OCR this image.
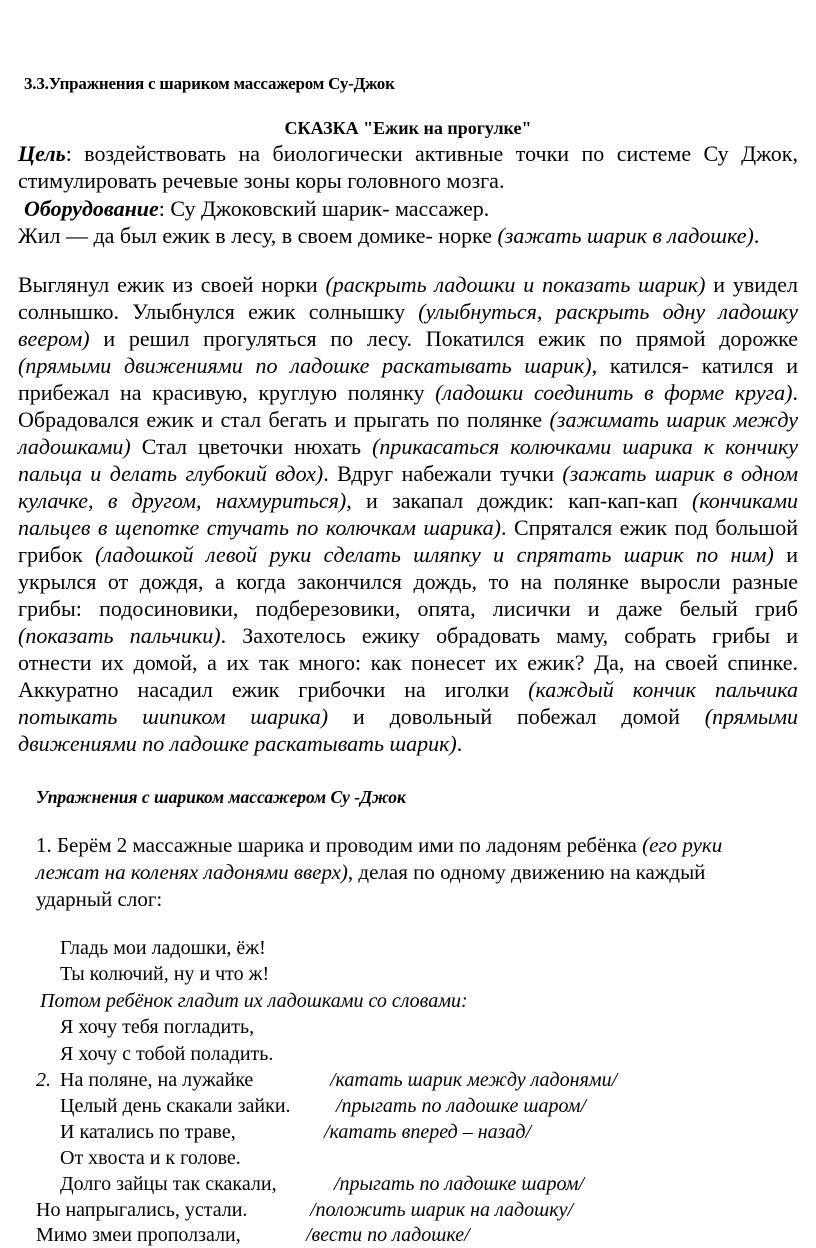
3.3.Упражнения с шариком массажером Су-Джок
СКАЗКА "Ежик на прогулке"
Цель: воздействовать на биологически активные точки по системе Су Джок,
стимулировать речевые зоны коры головного мозга.
Оборудование: Су Джоковский шарик- массажер.
Жил — да был ежик в лесу, в своем домике- норке (зажать шарик в ладошке).
Выглянул ежик из своей норки (раскрыть ладошки и показать шарик) и увидел
солнышко. Улыбнулся ежик солнышку (улыбнуться, раскрыть одну ладошку
веером) и решил прогуляться по лесу. Покатился ежик по прямой дорожке
(прямыми движениями по ладошке раскатывать шарик), катился- катился и
прибежал на красивую, круглую полянку (ладошки соединить в форме круга).
Обрадовался ежик и стал бегать и прыгать по полянке (зажимать шарик между
ладошками) Стал цветочки нюхать (прикасаться колючками шарика к кончику
пальца и делать глубокий вдох). Вдруг набежали тучки (зажать шарик в одном
кулачке, в другом, нахмуриться), и закапал дождик: кап-кап-кап (кончиками
пальцев в щепотке стучать по колючкам шарика). Спрятался ежик под большой
грибок (ладошкой левой руки сделать шляпку и спрятать шарик по ним) и
укрылся от дождя, а когда закончился дождь, то на полянке выросли разные
грибы: подосиновики, подберезовики, опята, лисички и даже белый гриб
(показать пальчики). Захотелось ежику обрадовать маму, собрать грибы и
отнести их домой, а их так много: как понесет их ежик? Да, на своей спинке.
Аккуратно насадил ежик грибочки на иголки (каждый кончик пальчика
потыкать шипиком шарика) и довольный побежал домой (прямыми
движениями по ладошке раскатывать шарик).
Упражнения с шариком массажером Су -Джок
1. Берём 2 массажные шарика и проводим ими по ладоням ребёнка (его руки
лежат на коленях ладонями вверх), делая по одному движению на каждый
ударный слог:
Гладь мои ладошки, ёж!
Ты колючий, ну и что ж!
Потом ребёнок гладит их ладошками со словами:
Я хочу тебя погладить,
Я хочу с тобой поладить.
2. На поляне, на лужайке	/катать шарик между ладонями/
Целый день скакали зайки. /прыгать по ладошке шаром/
И катались по траве,	/катать вперед – назад/
От хвоста и к голове.
Долго зайцы так скакали,	/прыгать по ладошке шаром/
Но напрыгались, устали.	/положить шарик на ладошку/
Мимо змеи проползали,	/вести по ладошке/
